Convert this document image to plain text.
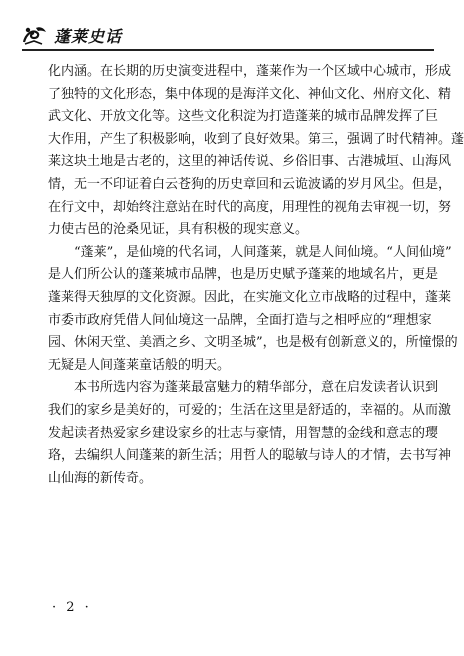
蓬莱史话

化内涵。在长期的历史演变进程中，蓬莱作为一个区域中心城市，形成
了独特的文化形态，集中体现的是海洋文化、神仙文化、州府文化、精
武文化、开放文化等。这些文化积淀为打造蓬莱的城市品牌发挥了巨
大作用，产生了积极影响，收到了良好效果。第三，强调了时代精神。蓬
莱这块土地是古老的，这里的神话传说、乡俗旧事、古港城垣、山海风
情，无一不印证着白云苍狗的历史章回和云诡波谲的岁月风尘。但是，
在行文中，却始终注意站在时代的高度，用理性的视角去审视一切，努
力使古邑的沧桑见证，具有积极的现实意义。

“蓬莱”，是仙境的代名词，人间蓬莱，就是人间仙境。“人间仙境”
是人们所公认的蓬莱城市品牌，也是历史赋予蓬莱的地域名片，更是
蓬莱得天独厚的文化资源。因此，在实施文化立市战略的过程中，蓬莱
市委市政府凭借人间仙境这一品牌，全面打造与之相呼应的“理想家
园、休闲天堂、美酒之乡、文明圣城”，也是极有创新意义的，所憧憬的
无疑是人间蓬莱童话般的明天。

本书所选内容为蓬莱最富魅力的精华部分，意在启发读者认识到
我们的家乡是美好的，可爱的；生活在这里是舒适的，幸福的。从而激
发起读者热爱家乡建设家乡的壮志与豪情，用智慧的金线和意志的璎
珞，去编织人间蓬莱的新生活；用哲人的聪敏与诗人的才情，去书写神
山仙海的新传奇。

· 2 ·
